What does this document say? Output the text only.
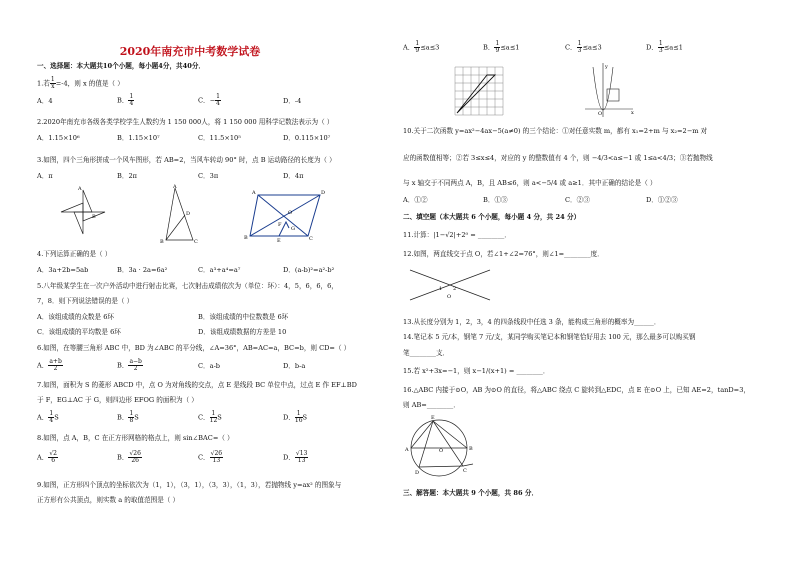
2020年南充市中考数学试卷
一、选择题：本大题共10个小题，每小题4分，共40分．
1.若 $\frac{1}{x} =-4$，则 x 的值是（ ）
A．4	B． $\frac{1}{4}$	C．− $\frac{1}{4}$	D．-4
2.2020年南充市各级各类学校学生人数约为 1 150 000人，将 1 150 000 用科学记数法表示为（ ）
A．1.15×10⁶	B．1.15×10⁷	C．11.5×10⁵	D．0.115×10⁷
3.如图，四个三角形拼成一个风车图形，若 AB=2，当风车转动 90° 时，点 B 运动路径的长度为（ ）
A．π	B．2π	C．3π	D．4π
A
B
A
B	C
D
A	D
B	C
O
E
G
F
4.下列运算正确的是（ ）
A．3a+2b=5ab	B．3a · 2a=6a²	C．a³+a⁴=a⁷	D．(a-b)²=a²-b²
5.八年级某学生在一次户外活动中进行射击比赛，七次射击成绩依次为（单位：环）：4，5，6，6，6，
7，8．则下列说法错误的是（ ）
A．该组成绩的众数是 6环	B．该组成绩的中位数数是 6环
C．该组成绩的平均数是 6环	D．该组成绩数据的方差是 10
6.如图，在等腰三角形 ABC 中，BD 为∠ABC 的平分线，∠A=36°，AB=AC=a，BC=b，则 CD=（ ）
A． $\frac{a+b}{2}$	B． $\frac{a-b}{2}$	C．a-b	D．b-a
7.如图，面积为 S 的菱形 ABCD 中，点 O 为对角线的交点，点 E 是线段 BC 单位中点，过点 E 作 EF⊥BD
于 F，EG⊥AC 于 G，则四边形 EFOG 的面积为（ ）
A． $\frac{1}{4}$ S	B． $\frac{1}{8}$ S	C． $\frac{1}{12}$ S	D． $\frac{1}{16}$ S
8.如图，点 A，B，C 在正方形网格的格点上，则 sin∠BAC=（ ）
A． $\frac{√2}{6}$	B． $\frac{√26}{26}$	C． $\frac{√26}{13}$	D． $\frac{√13}{13}$
9.如图，正方形四个顶点的坐标依次为（1，1），（3，1），（3，3），（1，3），若抛物线 y=ax² 的图象与
正方形有公共顶点，则实数 a 的取值范围是（ ）
A． $\frac{1}{9} \le a\le 3$	B． $\frac{1}{9} \le a\le 1$	C． $\frac{1}{3} \le a\le 3$	D． $\frac{1}{3} \le a\le 1$
y
x
O
10.关于二次函数 y=ax²−4ax−5(a≠0) 的三个结论：①对任意实数 m，都有 x₁=2+m 与 x₂=2−m 对
应的函数值相等；②若 3≤x≤4，对应的 y 的整数值有 4 个，则 −4/3<a≤−1 或 1≤a<4/3；③若抛物线
与 x 轴交于不同两点 A，B，且 AB≤6，则 a<−5/4 或 a≥1．其中正确的结论是（ ）
A．①②	B．①③	C．②③	D．①②③
二、填空题（本大题共 6 个小题，每小题 4 分，共 24 分）
11.计算：|1−√2|+2⁰ = ________．
12.如图，两直线交于点 O，若∠1+∠2=76°，则∠1=________度．
1 2
O
13.从长度分别为 1，2，3，4 的四条线段中任选 3 条，能构成三角形的概率为______．
14.笔记本 5 元/本，钢笔 7 元/支，某同学购买笔记本和钢笔恰好用去 100 元，那么最多可以购买钢
笔________支．
15.若 x²+3x=−1，则 x−1/(x+1) = ________．
16.△ABC 内接于⊙O，AB 为⊙O 的直径，将△ABC 绕点 C 旋转到△EDC，点 E 在⊙O 上，已知 AE=2，tanD=3，
则 AB=________．
E
A	B
O
C
D
三、解答题：本大题共 9 个小题，共 86 分．
